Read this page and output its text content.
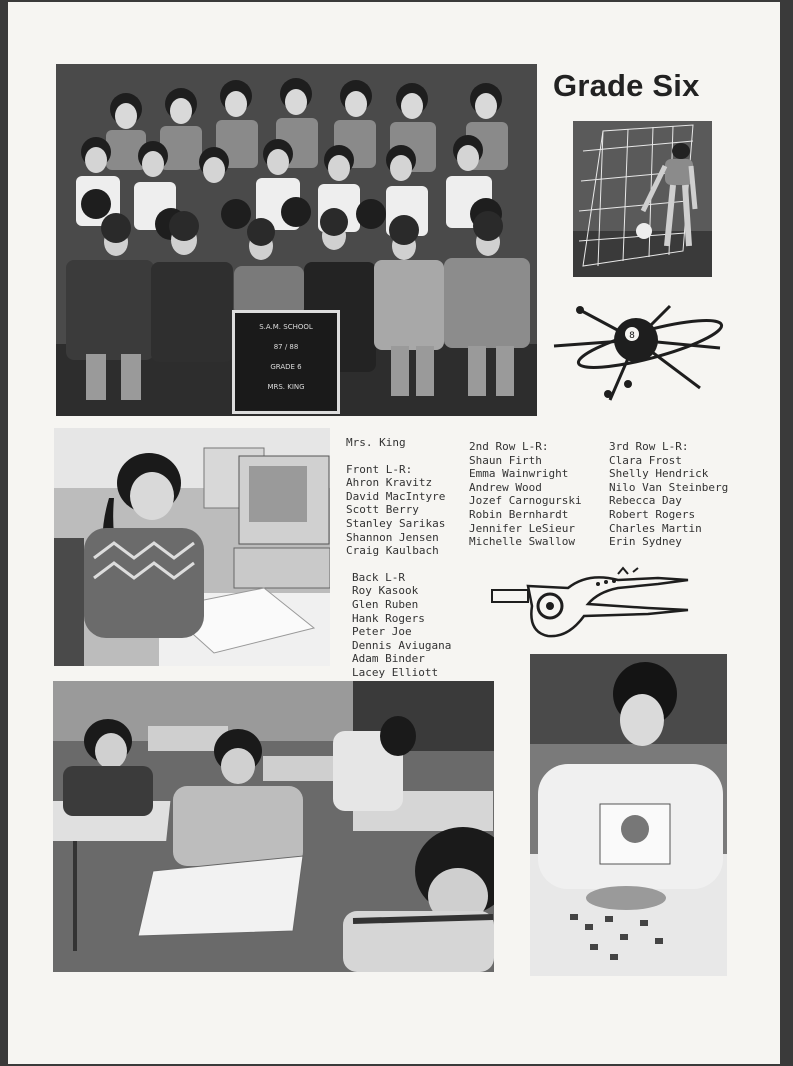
S.A.M. SCHOOL
87 / 88
GRADE 6
MRS. KING
Grade Six
8
Mrs. King
Front L-R:
Ahron Kravitz
David MacIntyre
Scott Berry
Stanley Sarikas
Shannon Jensen
Craig Kaulbach
Back L-R
Roy Kasook
Glen Ruben
Hank Rogers
Peter Joe
Dennis Aviugana
Adam Binder
Lacey Elliott
2nd Row L-R:
Shaun Firth
Emma Wainwright
Andrew Wood
Jozef Carnogurski
Robin Bernhardt
Jennifer LeSieur
Michelle Swallow
3rd Row L-R:
Clara Frost
Shelly Hendrick
Nilo Van Steinberg
Rebecca Day
Robert Rogers
Charles Martin
Erin Sydney
